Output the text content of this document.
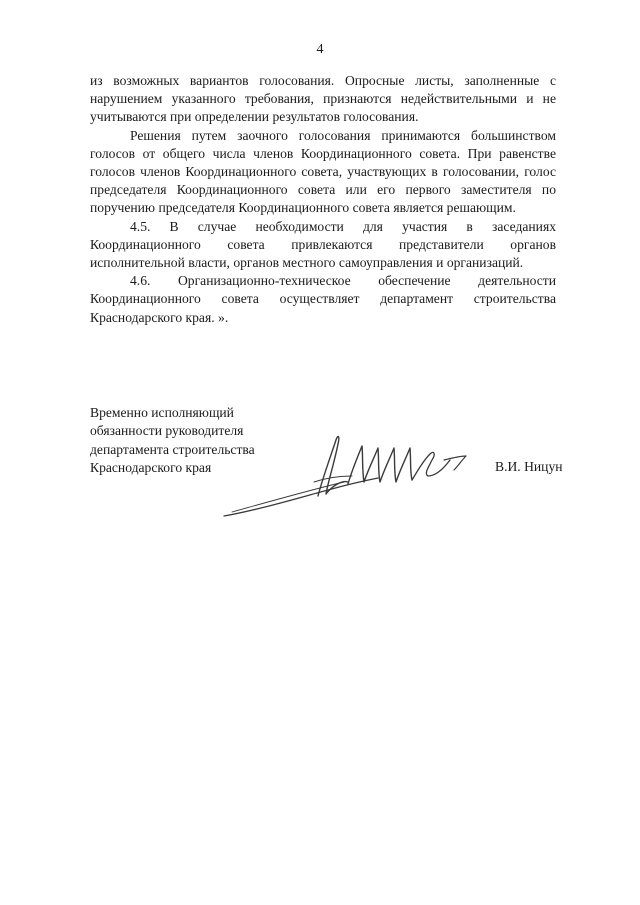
4

из возможных вариантов голосования. Опросные листы, заполненные с нарушением указанного требования, признаются недействительными и не учитываются при определении результатов голосования.

Решения путем заочного голосования принимаются большинством голосов от общего числа членов Координационного совета. При равенстве голосов членов Координационного совета, участвующих в голосовании, голос председателя Координационного совета или его первого заместителя по поручению председателя Координационного совета является решающим.

4.5. В случае необходимости для участия в заседаниях Координационного совета привлекаются представители органов исполнительной власти, органов местного самоуправления и организаций.

4.6. Организационно-техническое обеспечение деятельности Координационного совета осуществляет департамент строительства Краснодарского края. ».

Временно исполняющий
обязанности руководителя
департамента строительства
Краснодарского края	В.И. Ницун
